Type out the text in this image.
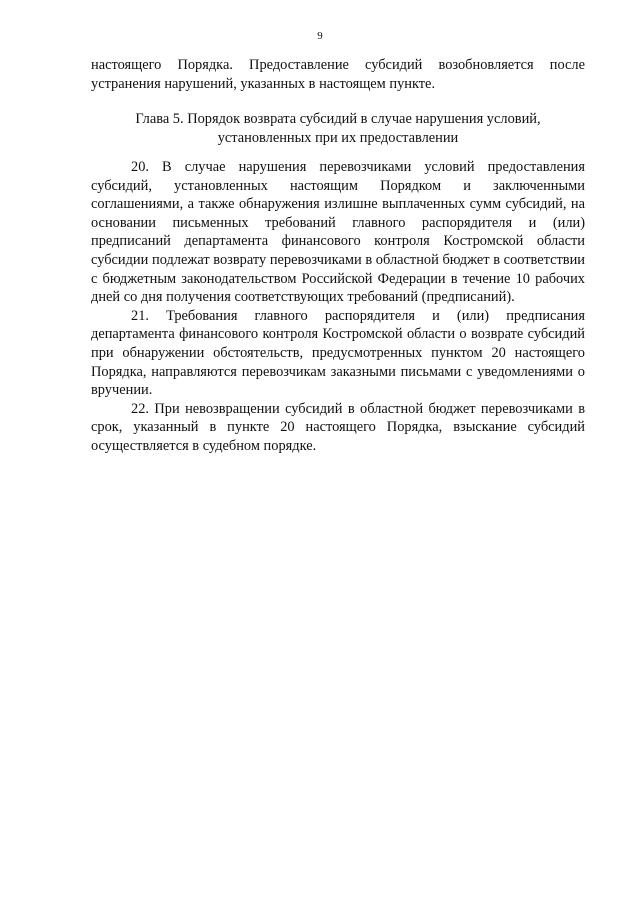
9
настоящего Порядка. Предоставление субсидий возобновляется после устранения нарушений, указанных в настоящем пункте.
Глава 5. Порядок возврата субсидий в случае нарушения условий,
установленных при их предоставлении

20. В случае нарушения перевозчиками условий предоставления субсидий, установленных настоящим Порядком и заключенными соглашениями, а также обнаружения излишне выплаченных сумм субсидий, на основании письменных требований главного распорядителя и (или) предписаний департамента финансового контроля Костромской области субсидии подлежат возврату перевозчиками в областной бюджет в соответствии с бюджетным законодательством Российской Федерации в течение 10 рабочих дней со дня получения соответствующих требований (предписаний).

21. Требования главного распорядителя и (или) предписания департамента финансового контроля Костромской области о возврате субсидий при обнаружении обстоятельств, предусмотренных пунктом 20 настоящего Порядка, направляются перевозчикам заказными письмами с уведомлениями о вручении.

22. При невозвращении субсидий в областной бюджет перевозчиками в срок, указанный в пункте 20 настоящего Порядка, взыскание субсидий осуществляется в судебном порядке.
